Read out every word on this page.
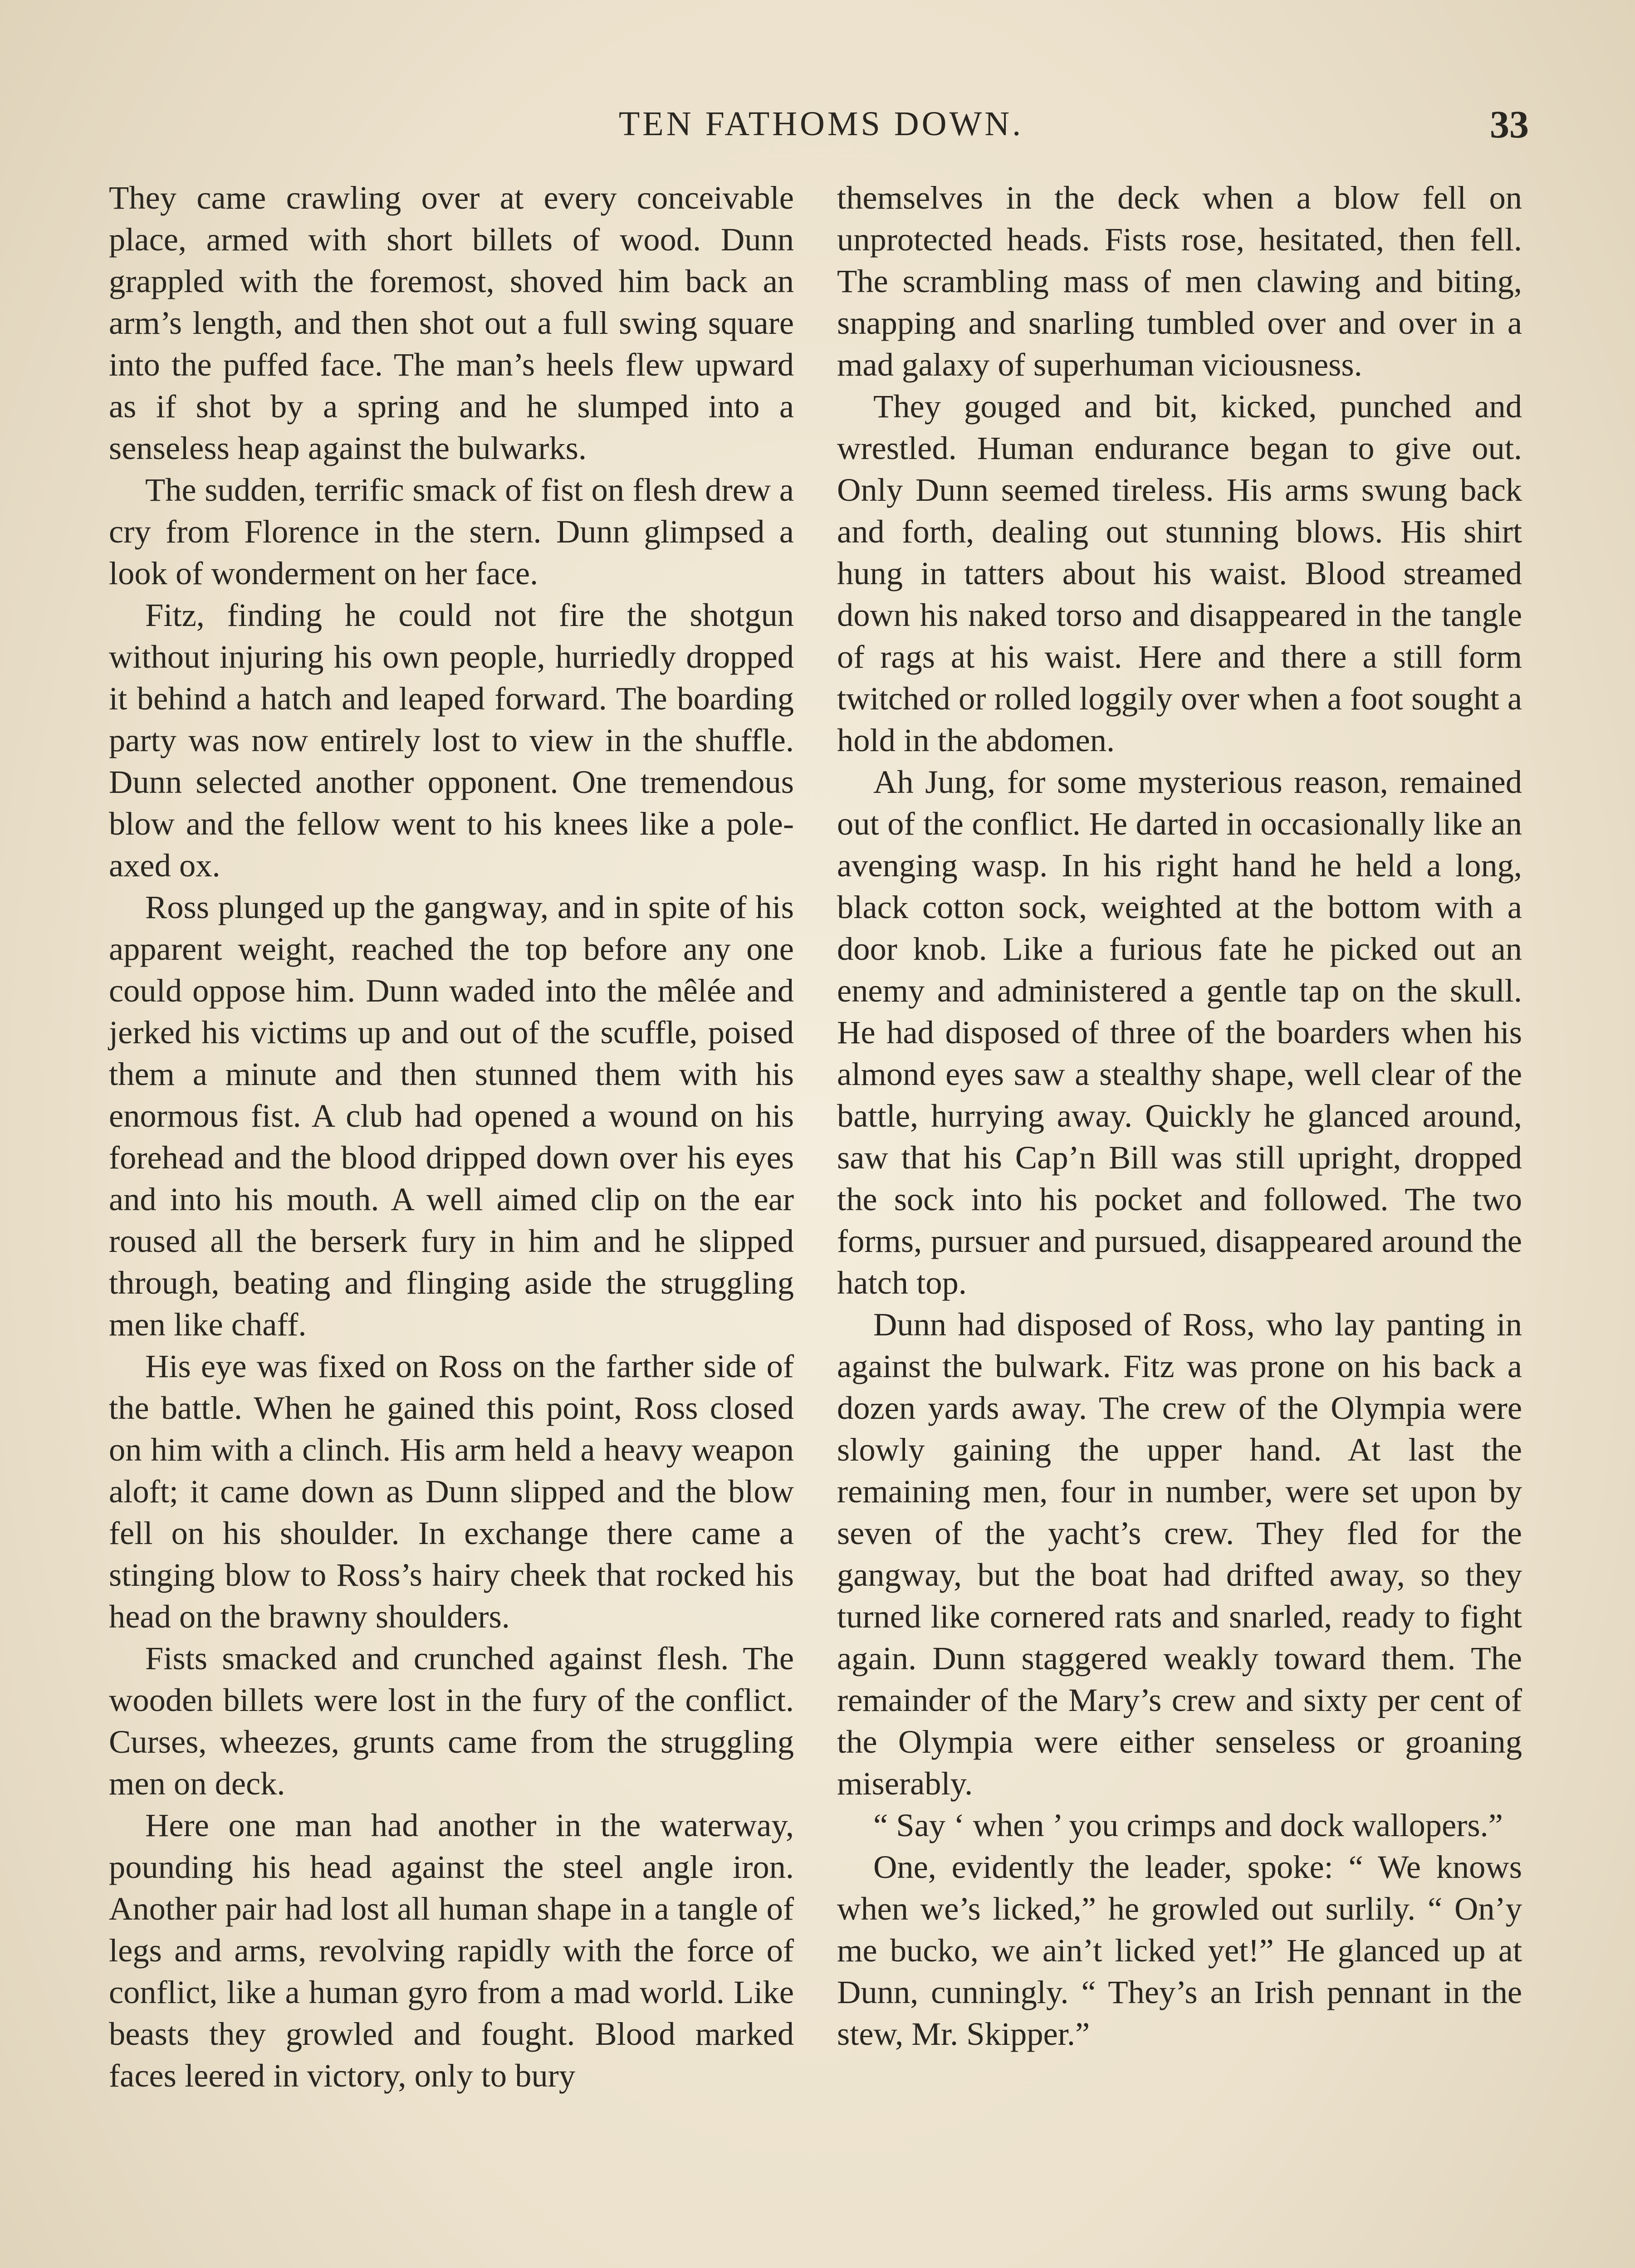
TEN FATHOMS DOWN.	33

They came crawling over at every conceivable place, armed with short billets of wood. Dunn grappled with the foremost, shoved him back an arm’s length, and then shot out a full swing square into the puffed face. The man’s heels flew upward as if shot by a spring and he slumped into a senseless heap against the bulwarks.

The sudden, terrific smack of fist on flesh drew a cry from Florence in the stern. Dunn glimpsed a look of wonderment on her face.

Fitz, finding he could not fire the shotgun without injuring his own people, hurriedly dropped it behind a hatch and leaped forward. The boarding party was now entirely lost to view in the shuffle. Dunn selected another opponent. One tremendous blow and the fellow went to his knees like a pole-axed ox.

Ross plunged up the gangway, and in spite of his apparent weight, reached the top before any one could oppose him. Dunn waded into the mêlée and jerked his victims up and out of the scuffle, poised them a minute and then stunned them with his enormous fist. A club had opened a wound on his forehead and the blood dripped down over his eyes and into his mouth. A well aimed clip on the ear roused all the berserk fury in him and he slipped through, beating and flinging aside the struggling men like chaff.

His eye was fixed on Ross on the farther side of the battle. When he gained this point, Ross closed on him with a clinch. His arm held a heavy weapon aloft; it came down as Dunn slipped and the blow fell on his shoulder. In exchange there came a stinging blow to Ross’s hairy cheek that rocked his head on the brawny shoulders.

Fists smacked and crunched against flesh. The wooden billets were lost in the fury of the conflict. Curses, wheezes, grunts came from the struggling men on deck.

Here one man had another in the waterway, pounding his head against the steel angle iron. Another pair had lost all human shape in a tangle of legs and arms, revolving rapidly with the force of conflict, like a human gyro from a mad world. Like beasts they growled and fought. Blood marked faces leered in victory, only to bury

themselves in the deck when a blow fell on unprotected heads. Fists rose, hesitated, then fell. The scrambling mass of men clawing and biting, snapping and snarling tumbled over and over in a mad galaxy of superhuman viciousness.

They gouged and bit, kicked, punched and wrestled. Human endurance began to give out. Only Dunn seemed tireless. His arms swung back and forth, dealing out stunning blows. His shirt hung in tatters about his waist. Blood streamed down his naked torso and disappeared in the tangle of rags at his waist. Here and there a still form twitched or rolled loggily over when a foot sought a hold in the abdomen.

Ah Jung, for some mysterious reason, remained out of the conflict. He darted in occasionally like an avenging wasp. In his right hand he held a long, black cotton sock, weighted at the bottom with a door knob. Like a furious fate he picked out an enemy and administered a gentle tap on the skull. He had disposed of three of the boarders when his almond eyes saw a stealthy shape, well clear of the battle, hurrying away. Quickly he glanced around, saw that his Cap’n Bill was still upright, dropped the sock into his pocket and followed. The two forms, pursuer and pursued, disappeared around the hatch top.

Dunn had disposed of Ross, who lay panting in against the bulwark. Fitz was prone on his back a dozen yards away. The crew of the Olympia were slowly gaining the upper hand. At last the remaining men, four in number, were set upon by seven of the yacht’s crew. They fled for the gangway, but the boat had drifted away, so they turned like cornered rats and snarled, ready to fight again. Dunn staggered weakly toward them. The remainder of the Mary’s crew and sixty per cent of the Olympia were either senseless or groaning miserably.

“ Say ‘ when ’ you crimps and dock wallopers.”

One, evidently the leader, spoke: “ We knows when we’s licked,” he growled out surlily. “ On’y me bucko, we ain’t licked yet!” He glanced up at Dunn, cunningly. “ They’s an Irish pennant in the stew, Mr. Skipper.”
